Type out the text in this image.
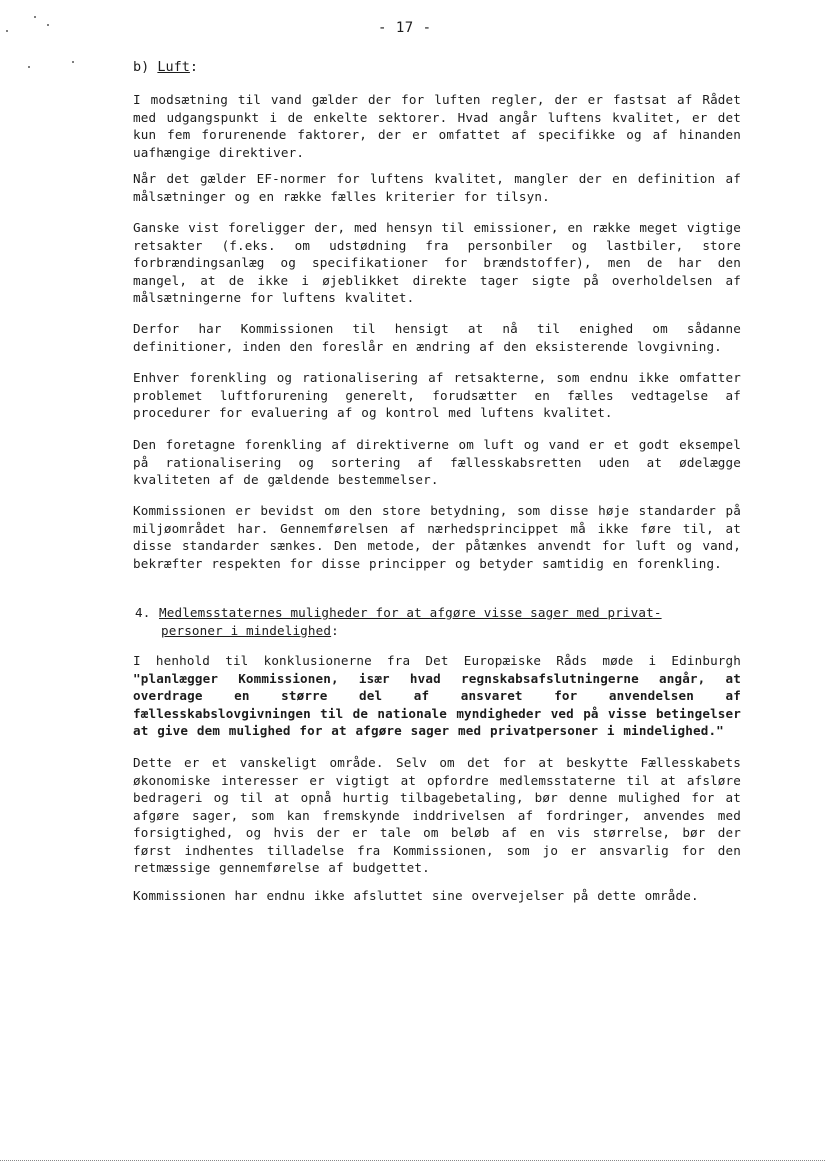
- 17 -
b) Luft:

I modsætning til vand gælder der for luften regler, der er fastsat af Rådet med udgangspunkt i de enkelte sektorer. Hvad angår luftens kvalitet, er det kun fem forurenende faktorer, der er omfattet af specifikke og af hinanden uafhængige direktiver.

Når det gælder EF-normer for luftens kvalitet, mangler der en definition af målsætninger og en række fælles kriterier for tilsyn.

Ganske vist foreligger der, med hensyn til emissioner, en række meget vigtige retsakter (f.eks. om udstødning fra personbiler og lastbiler, store forbrændingsanlæg og specifikationer for brændstoffer), men de har den mangel, at de ikke i øjeblikket direkte tager sigte på overholdelsen af målsætningerne for luftens kvalitet.

Derfor har Kommissionen til hensigt at nå til enighed om sådanne definitioner, inden den foreslår en ændring af den eksisterende lovgivning.

Enhver forenkling og rationalisering af retsakterne, som endnu ikke omfatter problemet luftforurening generelt, forudsætter en fælles vedtagelse af procedurer for evaluering af og kontrol med luftens kvalitet.

Den foretagne forenkling af direktiverne om luft og vand er et godt eksempel på rationalisering og sortering af fællesskabsretten uden at ødelægge kvaliteten af de gældende bestemmelser.

Kommissionen er bevidst om den store betydning, som disse høje standarder på miljøområdet har. Gennemførelsen af nærhedsprincippet må ikke føre til, at disse standarder sænkes. Den metode, der påtænkes anvendt for luft og vand, bekræfter respekten for disse principper og betyder samtidig en forenkling.

4. Medlemsstaternes muligheder for at afgøre visse sager med privat-
personer i mindelighed:

I henhold til konklusionerne fra Det Europæiske Råds møde i Edinburgh "planlægger Kommissionen, især hvad regnskabsafslutningerne angår, at overdrage en større del af ansvaret for anvendelsen af fællesskabslovgivningen til de nationale myndigheder ved på visse betingelser at give dem mulighed for at afgøre sager med privatpersoner i mindelighed."

Dette er et vanskeligt område. Selv om det for at beskytte Fællesskabets økonomiske interesser er vigtigt at opfordre medlemsstaterne til at afsløre bedrageri og til at opnå hurtig tilbagebetaling, bør denne mulighed for at afgøre sager, som kan fremskynde inddrivelsen af fordringer, anvendes med forsigtighed, og hvis der er tale om beløb af en vis størrelse, bør der først indhentes tilladelse fra Kommissionen, som jo er ansvarlig for den retmæssige gennemførelse af budgettet.

Kommissionen har endnu ikke afsluttet sine overvejelser på dette område.
